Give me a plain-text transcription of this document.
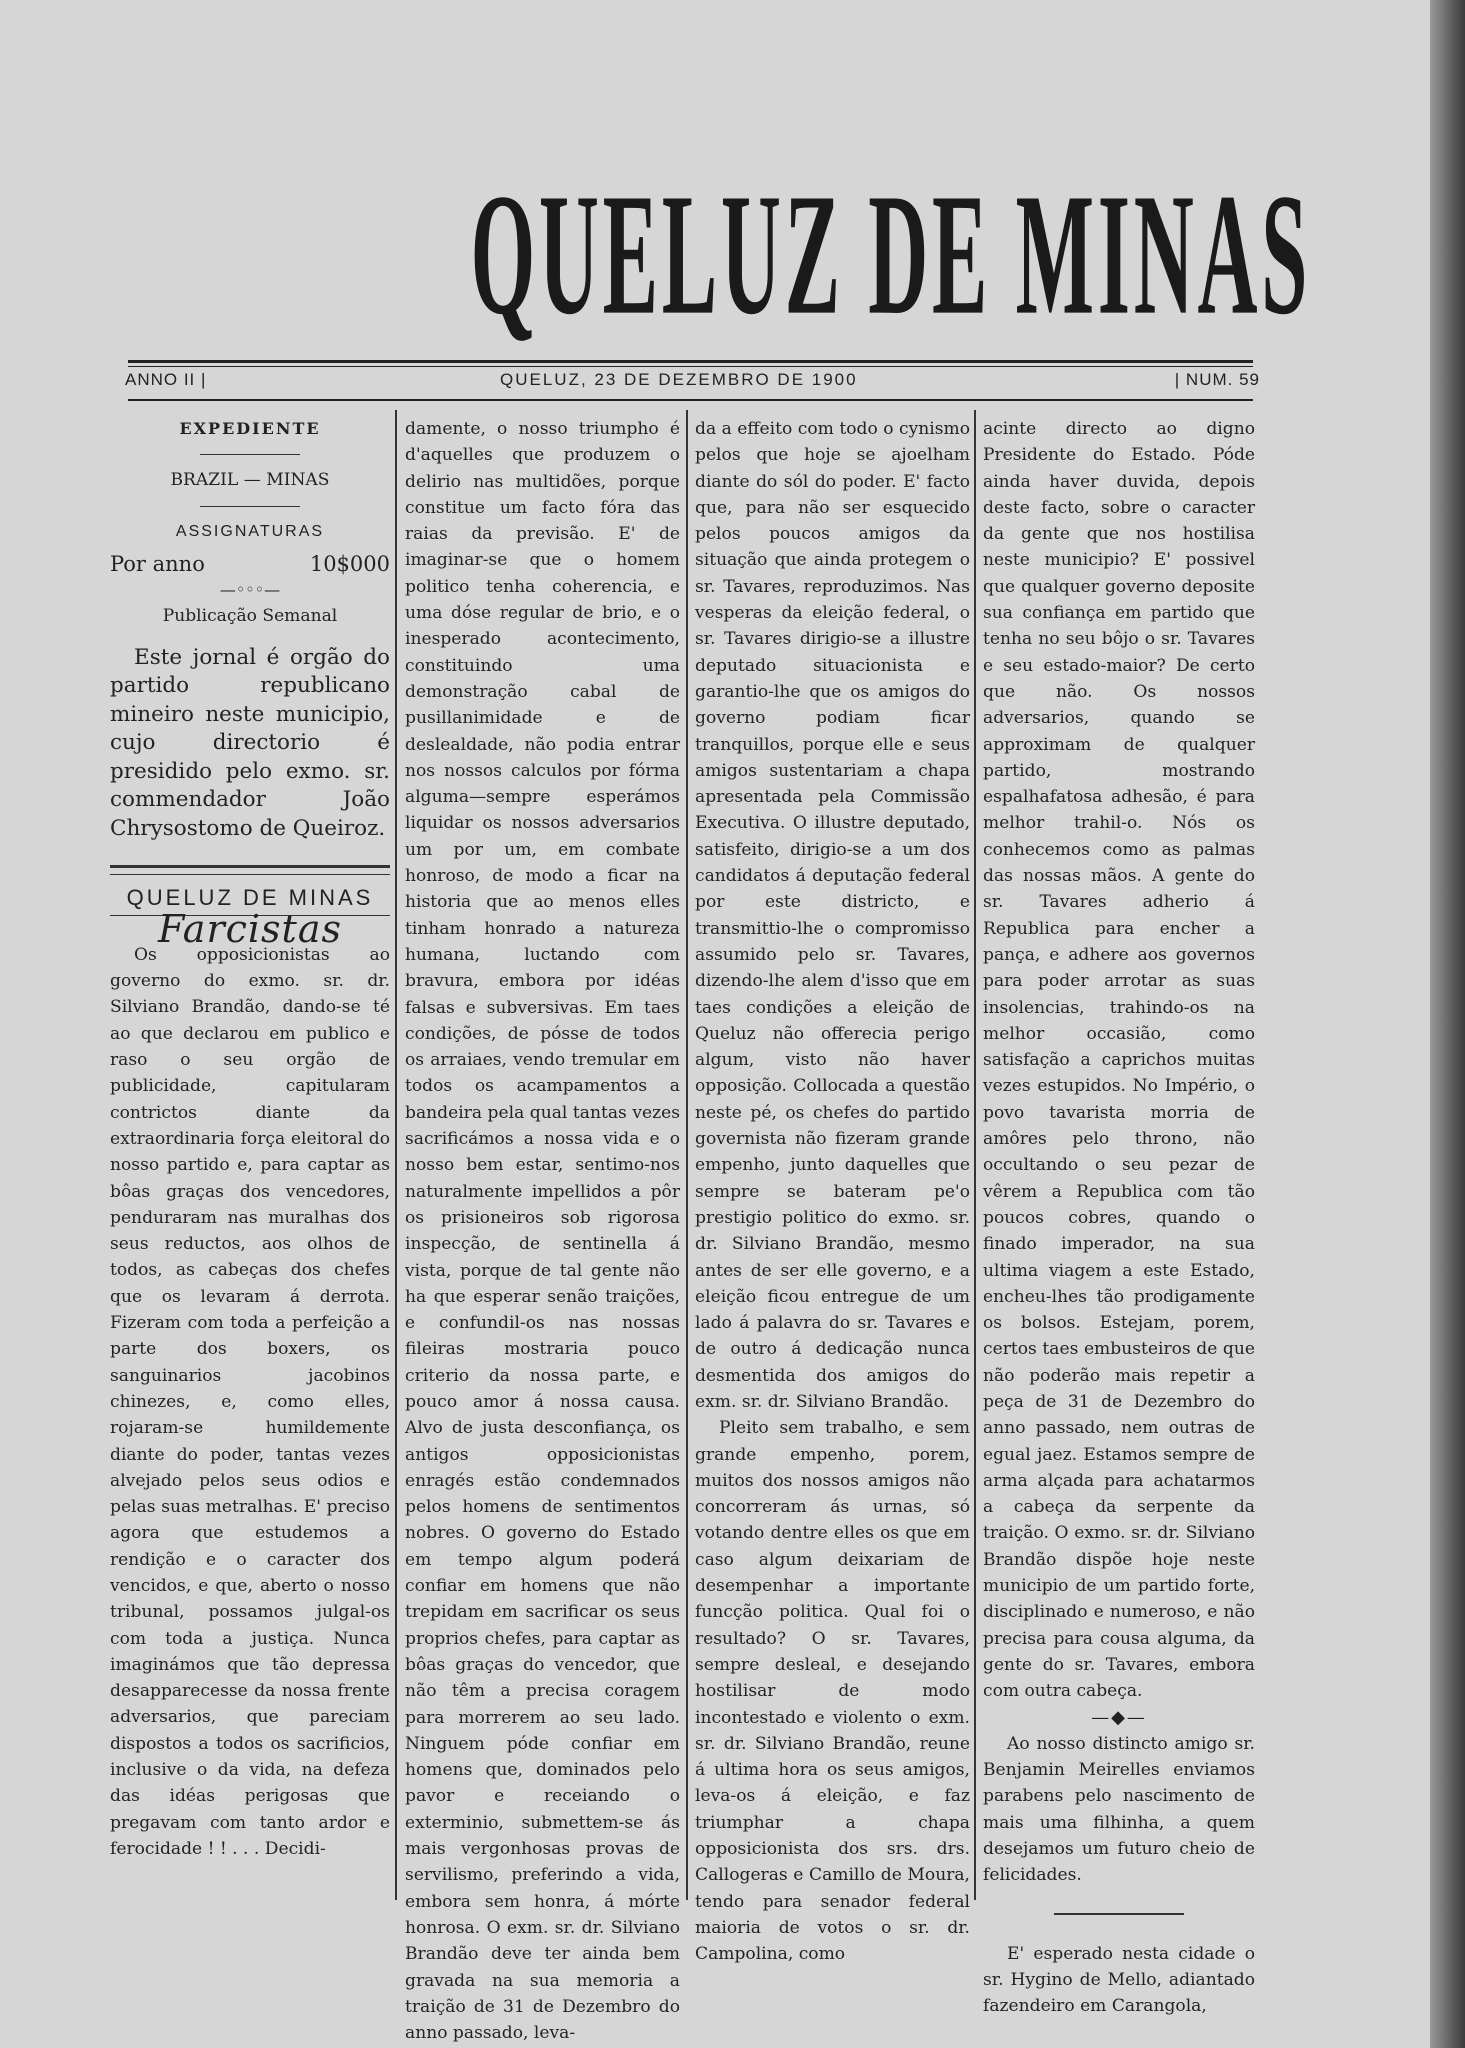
QUELUZ DE MINAS
ANNO II |	QUELUZ, 23 DE DEZEMBRO DE 1900	| NUM. 59

EXPEDIENTE

BRAZIL — MINAS

ASSIGNATURAS

Por anno	10$000

—◦◦◦—

Publicação Semanal

Este jornal é orgão do partido republicano mineiro neste municipio, cujo directorio é presidido pelo exmo. sr. commendador João Chrysostomo de Queiroz.

QUELUZ DE MINAS

Farcistas

Os opposicionistas ao governo do exmo. sr. dr. Silviano Brandão, dando-se té ao que declarou em publico e raso o seu orgão de publicidade, capitularam contrictos diante da extraordinaria força eleitoral do nosso partido e, para captar as bôas graças dos vencedores, penduraram nas muralhas dos seus reductos, aos olhos de todos, as cabeças dos chefes que os levaram á derrota. Fizeram com toda a perfeição a parte dos boxers, os sanguinarios jacobinos chinezes, e, como elles, rojaram-se humildemente diante do poder, tantas vezes alvejado pelos seus odios e pelas suas metralhas. E' preciso agora que estudemos a rendição e o caracter dos vencidos, e que, aberto o nosso tribunal, possamos julgal-os com toda a justiça. Nunca imaginámos que tão depressa desapparecesse da nossa frente adversarios, que pareciam dispostos a todos os sacrificios, inclusive o da vida, na defeza das idéas perigosas que pregavam com tanto ardor e ferocidade ! ! . . . Decidi-

damente, o nosso triumpho é d'aquelles que produzem o delirio nas multidões, porque constitue um facto fóra das raias da previsão. E' de imaginar-se que o homem politico tenha coherencia, e uma dóse regular de brio, e o inesperado acontecimento, constituindo uma demonstração cabal de pusillanimidade e de deslealdade, não podia entrar nos nossos calculos por fórma alguma—sempre esperámos liquidar os nossos adversarios um por um, em combate honroso, de modo a ficar na historia que ao menos elles tinham honrado a natureza humana, luctando com bravura, embora por idéas falsas e subversivas. Em taes condições, de pósse de todos os arraiaes, vendo tremular em todos os acampamentos a bandeira pela qual tantas vezes sacrificámos a nossa vida e o nosso bem estar, sentimo-nos naturalmente impellidos a pôr os prisioneiros sob rigorosa inspecção, de sentinella á vista, porque de tal gente não ha que esperar senão traições, e confundil-os nas nossas fileiras mostraria pouco criterio da nossa parte, e pouco amor á nossa causa. Alvo de justa desconfiança, os antigos opposicionistas enragés estão condemnados pelos homens de sentimentos nobres. O governo do Estado em tempo algum poderá confiar em homens que não trepidam em sacrificar os seus proprios chefes, para captar as bôas graças do vencedor, que não têm a precisa coragem para morrerem ao seu lado. Ninguem póde confiar em homens que, dominados pelo pavor e receiando o exterminio, submettem-se ás mais vergonhosas provas de servilismo, preferindo a vida, embora sem honra, á mórte honrosa. O exm. sr. dr. Silviano Brandão deve ter ainda bem gravada na sua memoria a traição de 31 de Dezembro do anno passado, leva-

da a effeito com todo o cynismo pelos que hoje se ajoelham diante do sól do poder. E' facto que, para não ser esquecido pelos poucos amigos da situação que ainda protegem o sr. Tavares, reproduzimos. Nas vesperas da eleição federal, o sr. Tavares dirigio-se a illustre deputado situacionista e garantio-lhe que os amigos do governo podiam ficar tranquillos, porque elle e seus amigos sustentariam a chapa apresentada pela Commissão Executiva. O illustre deputado, satisfeito, dirigio-se a um dos candidatos á deputação federal por este districto, e transmittio-lhe o compromisso assumido pelo sr. Tavares, dizendo-lhe alem d'isso que em taes condições a eleição de Queluz não offerecia perigo algum, visto não haver opposição. Collocada a questão neste pé, os chefes do partido governista não fizeram grande empenho, junto daquelles que sempre se bateram pe'o prestigio politico do exmo. sr. dr. Silviano Brandão, mesmo antes de ser elle governo, e a eleição ficou entregue de um lado á palavra do sr. Tavares e de outro á dedicação nunca desmentida dos amigos do exm. sr. dr. Silviano Brandão.

Pleito sem trabalho, e sem grande empenho, porem, muitos dos nossos amigos não concorreram ás urnas, só votando dentre elles os que em caso algum deixariam de desempenhar a importante funcção politica. Qual foi o resultado? O sr. Tavares, sempre desleal, e desejando hostilisar de modo incontestado e violento o exm. sr. dr. Silviano Brandão, reune á ultima hora os seus amigos, leva-os á eleição, e faz triumphar a chapa opposicionista dos srs. drs. Callogeras e Camillo de Moura, tendo para senador federal maioria de votos o sr. dr. Campolina, como

acinte directo ao digno Presidente do Estado. Póde ainda haver duvida, depois deste facto, sobre o caracter da gente que nos hostilisa neste municipio? E' possivel que qualquer governo deposite sua confiança em partido que tenha no seu bôjo o sr. Tavares e seu estado-maior? De certo que não. Os nossos adversarios, quando se approximam de qualquer partido, mostrando espalhafatosa adhesão, é para melhor trahil-o. Nós os conhecemos como as palmas das nossas mãos. A gente do sr. Tavares adherio á Republica para encher a pança, e adhere aos governos para poder arrotar as suas insolencias, trahindo-os na melhor occasião, como satisfação a caprichos muitas vezes estupidos. No Império, o povo tavarista morria de amôres pelo throno, não occultando o seu pezar de vêrem a Republica com tão poucos cobres, quando o finado imperador, na sua ultima viagem a este Estado, encheu-lhes tão prodigamente os bolsos. Estejam, porem, certos taes embusteiros de que não poderão mais repetir a peça de 31 de Dezembro do anno passado, nem outras de egual jaez. Estamos sempre de arma alçada para achatarmos a cabeça da serpente da traição. O exmo. sr. dr. Silviano Brandão dispõe hoje neste municipio de um partido forte, disciplinado e numeroso, e não precisa para cousa alguma, da gente do sr. Tavares, embora com outra cabeça.

—◆—

Ao nosso distincto amigo sr. Benjamin Meirelles enviamos parabens pelo nascimento de mais uma filhinha, a quem desejamos um futuro cheio de felicidades.

E' esperado nesta cidade o sr. Hygino de Mello, adiantado fazendeiro em Carangola,
